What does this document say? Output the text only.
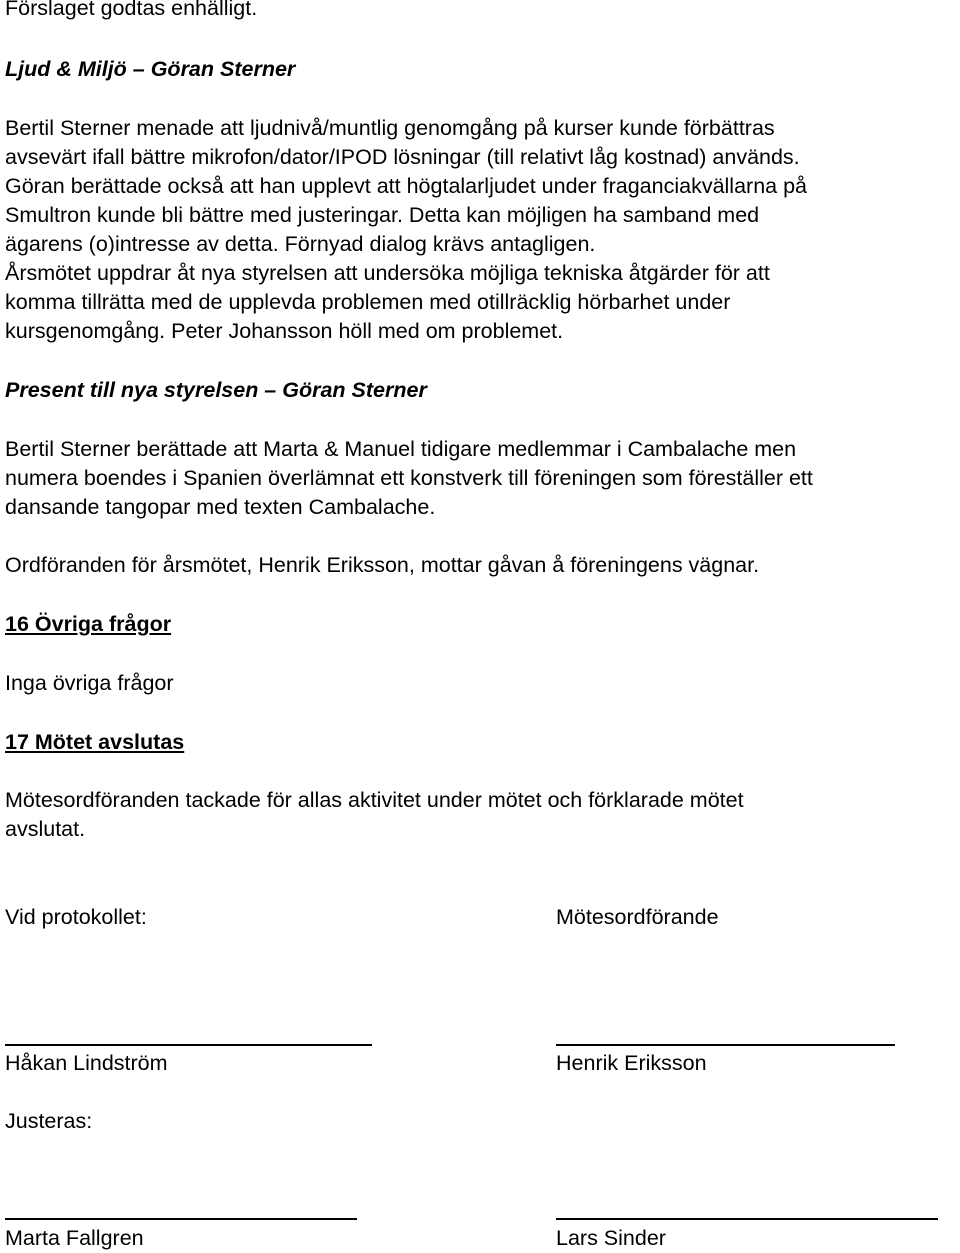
Förslaget godtas enhälligt.
Ljud & Miljö – Göran Sterner
Bertil Sterner menade att ljudnivå/muntlig genomgång på kurser kunde förbättras
avsevärt ifall bättre mikrofon/dator/IPOD lösningar (till relativt låg kostnad) används.
Göran berättade också att han upplevt att högtalarljudet under fraganciakvällarna på
Smultron kunde bli bättre med justeringar. Detta kan möjligen ha samband med
ägarens (o)intresse av detta. Förnyad dialog krävs antagligen.
Årsmötet uppdrar åt nya styrelsen att undersöka möjliga tekniska åtgärder för att
komma tillrätta med de upplevda problemen med otillräcklig hörbarhet under
kursgenomgång. Peter Johansson höll med om problemet.
Present till nya styrelsen – Göran Sterner
Bertil Sterner berättade att Marta & Manuel tidigare medlemmar i Cambalache men
numera boendes i Spanien överlämnat ett konstverk till föreningen som föreställer ett
dansande tangopar med texten Cambalache.
Ordföranden för årsmötet, Henrik Eriksson, mottar gåvan å föreningens vägnar.
16 Övriga frågor
Inga övriga frågor
17 Mötet avslutas
Mötesordföranden tackade för allas aktivitet under mötet och förklarade mötet
avslutat.
Vid protokollet:	Mötesordförande
Håkan Lindström	Henrik Eriksson
Justeras:
Marta Fallgren	Lars Sinder
